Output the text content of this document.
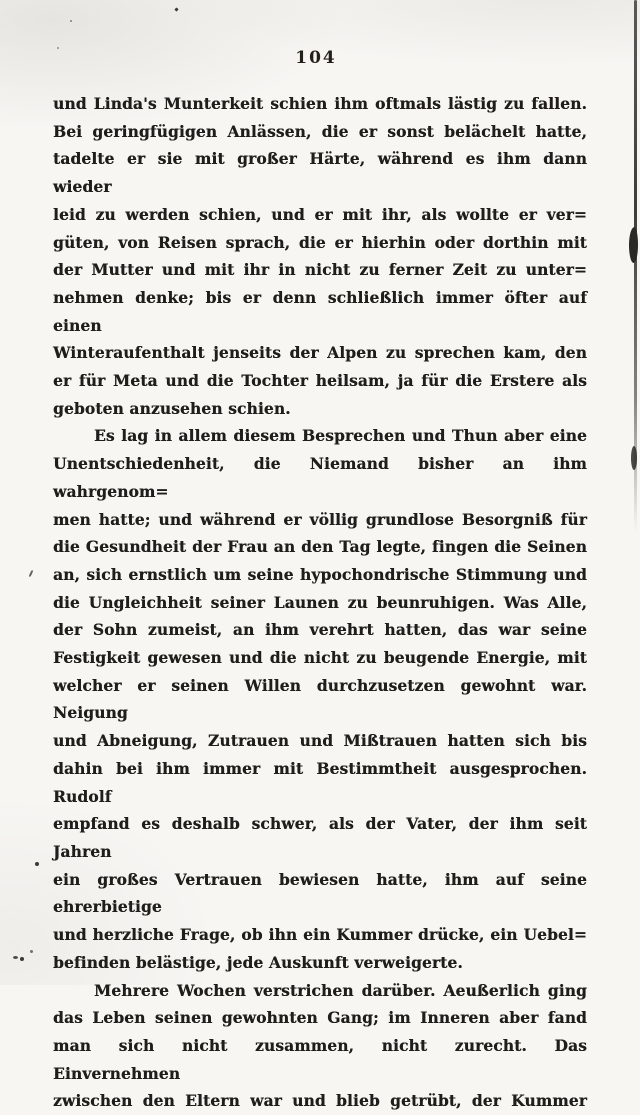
104
und Linda's Munterkeit schien ihm oftmals lästig zu fallen.
Bei geringfügigen Anlässen, die er sonst belächelt hatte,
tadelte er sie mit großer Härte, während es ihm dann wieder
leid zu werden schien, und er mit ihr, als wollte er ver=
güten, von Reisen sprach, die er hierhin oder dorthin mit
der Mutter und mit ihr in nicht zu ferner Zeit zu unter=
nehmen denke; bis er denn schließlich immer öfter auf einen
Winteraufenthalt jenseits der Alpen zu sprechen kam, den
er für Meta und die Tochter heilsam, ja für die Erstere als
geboten anzusehen schien.
Es lag in allem diesem Besprechen und Thun aber eine
Unentschiedenheit, die Niemand bisher an ihm wahrgenom=
men hatte; und während er völlig grundlose Besorgniß für
die Gesundheit der Frau an den Tag legte, fingen die Seinen
an, sich ernstlich um seine hypochondrische Stimmung und
die Ungleichheit seiner Launen zu beunruhigen. Was Alle,
der Sohn zumeist, an ihm verehrt hatten, das war seine
Festigkeit gewesen und die nicht zu beugende Energie, mit
welcher er seinen Willen durchzusetzen gewohnt war. Neigung
und Abneigung, Zutrauen und Mißtrauen hatten sich bis
dahin bei ihm immer mit Bestimmtheit ausgesprochen. Rudolf
empfand es deshalb schwer, als der Vater, der ihm seit Jahren
ein großes Vertrauen bewiesen hatte, ihm auf seine ehrerbietige
und herzliche Frage, ob ihn ein Kummer drücke, ein Uebel=
befinden belästige, jede Auskunft verweigerte.
Mehrere Wochen verstrichen darüber. Aeußerlich ging
das Leben seinen gewohnten Gang; im Inneren aber fand
man sich nicht zusammen, nicht zurecht. Das Einvernehmen
zwischen den Eltern war und blieb getrübt, der Kummer
